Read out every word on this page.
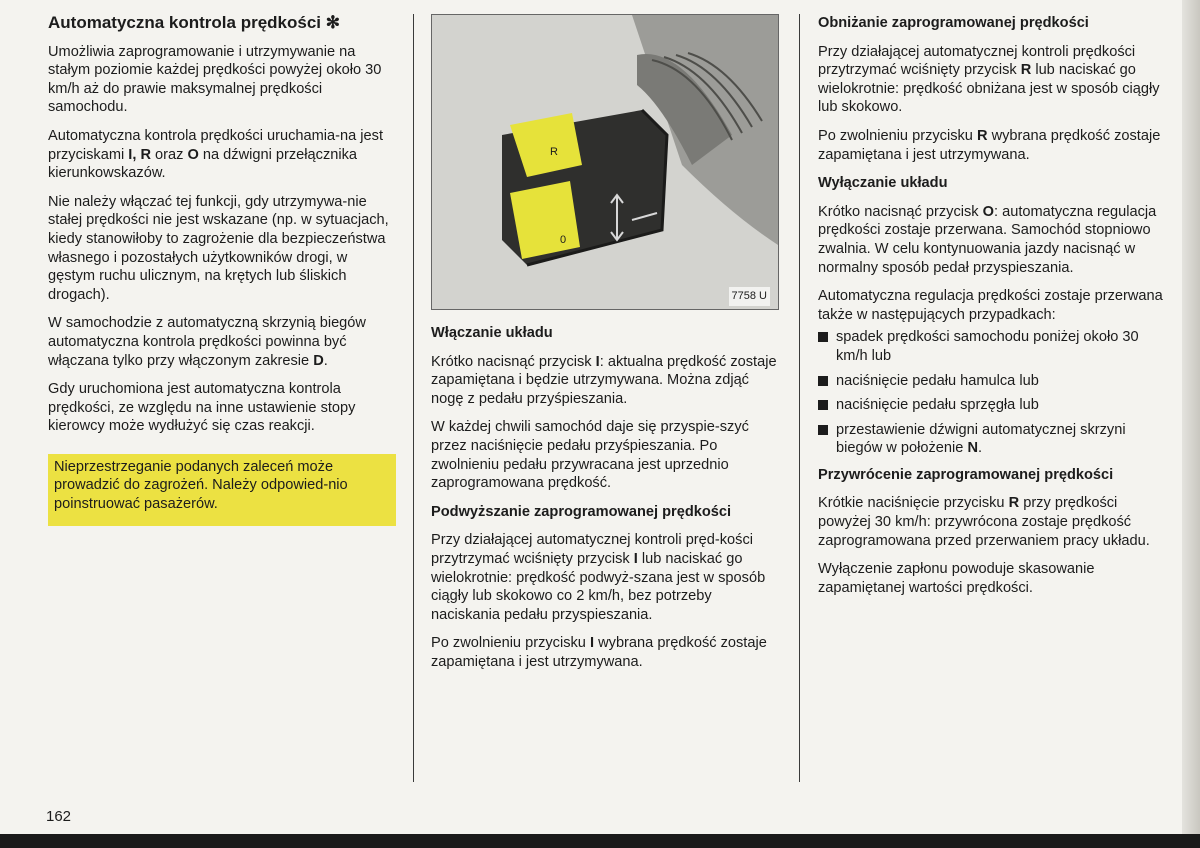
Automatyczna kontrola prędkości ✻

Umożliwia zaprogramowanie i utrzymywanie na stałym poziomie każdej prędkości powyżej około 30 km/h aż do prawie maksymalnej prędkości samochodu.

Automatyczna kontrola prędkości uruchamia-na jest przyciskami I, R oraz O na dźwigni przełącznika kierunkowskazów.

Nie należy włączać tej funkcji, gdy utrzymywa-nie stałej prędkości nie jest wskazane (np. w sytuacjach, kiedy stanowiłoby to zagrożenie dla bezpieczeństwa własnego i pozostałych użytkowników drogi, w gęstym ruchu ulicznym, na krętych lub śliskich drogach).

W samochodzie z automatyczną skrzynią biegów automatyczna kontrola prędkości powinna być włączana tylko przy włączonym zakresie D.

Gdy uruchomiona jest automatyczna kontrola prędkości, ze względu na inne ustawienie stopy kierowcy może wydłużyć się czas reakcji.

Nieprzestrzeganie podanych zaleceń może prowadzić do zagrożeń. Należy odpowied-nio poinstruować pasażerów.
R
0
7758 U

Włączanie układu

Krótko nacisnąć przycisk I: aktualna prędkość zostaje zapamiętana i będzie utrzymywana. Można zdjąć nogę z pedału przyśpieszania.

W każdej chwili samochód daje się przyspie-szyć przez naciśnięcie pedału przyśpieszania. Po zwolnieniu pedału przywracana jest uprzednio zaprogramowana prędkość.

Podwyższanie zaprogramowanej prędkości

Przy działającej automatycznej kontroli pręd-kości przytrzymać wciśnięty przycisk I lub naciskać go wielokrotnie: prędkość podwyż-szana jest w sposób ciągły lub skokowo co 2 km/h, bez potrzeby naciskania pedału przyspieszania.

Po zwolnieniu przycisku I wybrana prędkość zostaje zapamiętana i jest utrzymywana.

Obniżanie zaprogramowanej prędkości

Przy działającej automatycznej kontroli prędkości przytrzymać wciśnięty przycisk R lub naciskać go wielokrotnie: prędkość obniżana jest w sposób ciągły lub skokowo.

Po zwolnieniu przycisku R wybrana prędkość zostaje zapamiętana i jest utrzymywana.

Wyłączanie układu

Krótko nacisnąć przycisk O: automatyczna regulacja prędkości zostaje przerwana. Samochód stopniowo zwalnia. W celu kontynuowania jazdy nacisnąć w normalny sposób pedał przyspieszania.

Automatyczna regulacja prędkości zostaje przerwana także w następujących przypadkach:

spadek prędkości samochodu poniżej około 30 km/h lub
naciśnięcie pedału hamulca lub
naciśnięcie pedału sprzęgła lub
przestawienie dźwigni automatycznej skrzyni biegów w położenie N.

Przywrócenie zaprogramowanej prędkości

Krótkie naciśnięcie przycisku R przy prędkości powyżej 30 km/h: przywrócona zostaje prędkość zaprogramowana przed przerwaniem pracy układu.

Wyłączenie zapłonu powoduje skasowanie zapamiętanej wartości prędkości.

162
